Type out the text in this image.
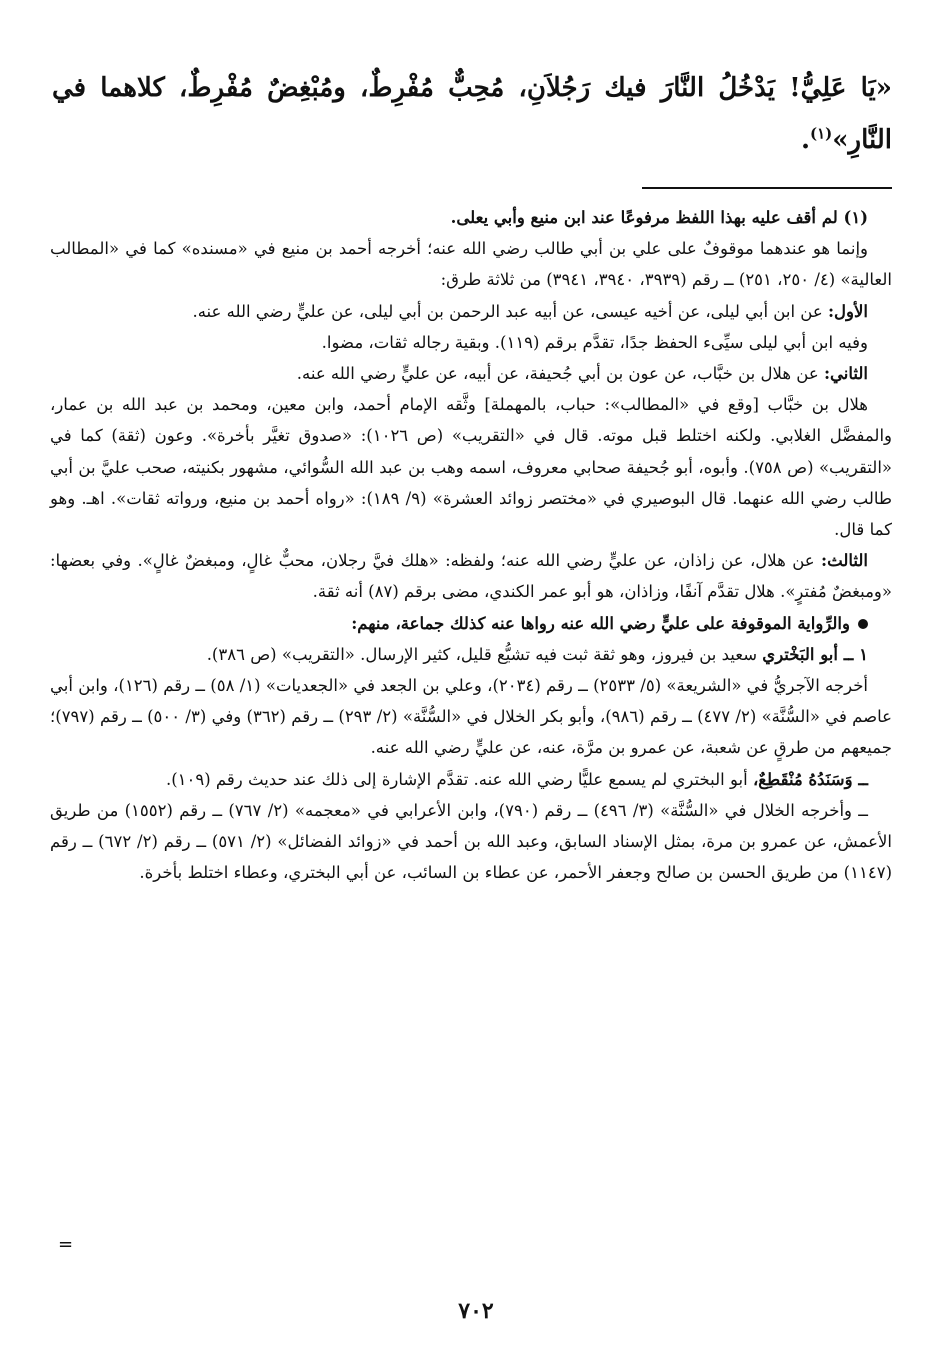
«يَا عَلِيُّ! يَدْخُلُ النَّارَ فيك رَجُلاَنِ، مُحِبٌّ مُفْرِطٌ، ومُبْغِضٌ مُفْرِطٌ، كلاهما في النَّارِ»$^{(١)}$.

(١) لم أقف عليه بهذا اللفظ مرفوعًا عند ابن منيع وأبي يعلى.

وإنما هو عندهما موقوفٌ على علي بن أبي طالب رضي الله عنه؛ أخرجه أحمد بن منيع في «مسنده» كما في «المطالب العالية» (٤/ ٢٥٠، ٢٥١) ــ رقم (٣٩٣٩، ٣٩٤٠، ٣٩٤١) من ثلاثة طرق:

الأول: عن ابن أبي ليلى، عن أخيه عيسى، عن أبيه عبد الرحمن بن أبي ليلى، عن عليٍّ رضي الله عنه.

وفيه ابن أبي ليلى سيِّىء الحفظ جدًا، تقدَّم برقم (١١٩). وبقية رجاله ثقات، مضوا.

الثاني: عن هلال بن خبَّاب، عن عون بن أبي جُحيفة، عن أبيه، عن عليٍّ رضي الله عنه.

هلال بن خبَّاب [وقع في «المطالب»: حباب، بالمهملة] وثَّقه الإمام أحمد، وابن معين، ومحمد بن عبد الله بن عمار، والمفضَّل الغلابي. ولكنه اختلط قبل موته. قال في «التقريب» (ص ١٠٢٦): «صدوق تغيَّر بأخرة». وعون (ثقة) كما في «التقريب» (ص ٧٥٨). وأبوه، أبو جُحيفة صحابي معروف، اسمه وهب بن عبد الله السُّوائي، مشهور بكنيته، صحب عليَّ بن أبي طالب رضي الله عنهما. قال البوصيري في «مختصر زوائد العشرة» (٩/ ١٨٩): «رواه أحمد بن منيع، ورواته ثقات». اهـ. وهو كما قال.

الثالث: عن هلال، عن زاذان، عن عليٍّ رضي الله عنه؛ ولفظه: «هلك فيَّ رجلان، محبٌّ غالٍ، ومبغضٌ غالٍ». وفي بعضها: «ومبغضٌ مُفترٍ». هلال تقدَّم آنفًا، وزاذان، هو أبو عمر الكندي، مضى برقم (٨٧) أنه ثقة.

والرِّواية الموقوفة على عليٍّ رضي الله عنه رواها عنه كذلك جماعة، منهم:

١ ــ أبو البَخْتري سعيد بن فيروز، وهو ثقة ثبت فيه تشيُّع قليل، كثير الإرسال. «التقريب» (ص ٣٨٦).

أخرجه الآجريُّ في «الشريعة» (٥/ ٢٥٣٣) ــ رقم (٢٠٣٤)، وعلي بن الجعد في «الجعديات» (١/ ٥٨) ــ رقم (١٢٦)، وابن أبي عاصم في «السُّنَّة» (٢/ ٤٧٧) ــ رقم (٩٨٦)، وأبو بكر الخلال في «السُّنَّة» (٢/ ٢٩٣) ــ رقم (٣٦٢) وفي (٣/ ٥٠٠) ــ رقم (٧٩٧)؛ جميعهم من طرقٍ عن شعبة، عن عمرو بن مرَّة، عنه، عن عليٍّ رضي الله عنه.

ــ وَسَنَدُهُ مُنْقَطِعٌ، أبو البختري لم يسمع عليًّا رضي الله عنه. تقدَّم الإشارة إلى ذلك عند حديث رقم (١٠٩).

ــ وأخرجه الخلال في «السُّنَّة» (٣/ ٤٩٦) ــ رقم (٧٩٠)، وابن الأعرابي في «معجمه» (٢/ ٧٦٧) ــ رقم (١٥٥٢) من طريق الأعمش، عن عمرو بن مرة، بمثل الإسناد السابق، وعبد الله بن أحمد في «زوائد الفضائل» (٢/ ٥٧١) ــ رقم (٢/ ٦٧٢) ــ رقم (١١٤٧) من طريق الحسن بن صالح وجعفر الأحمر، عن عطاء بن السائب، عن أبي البختري، وعطاء اختلط بأخرة.

=
٧٠٢
